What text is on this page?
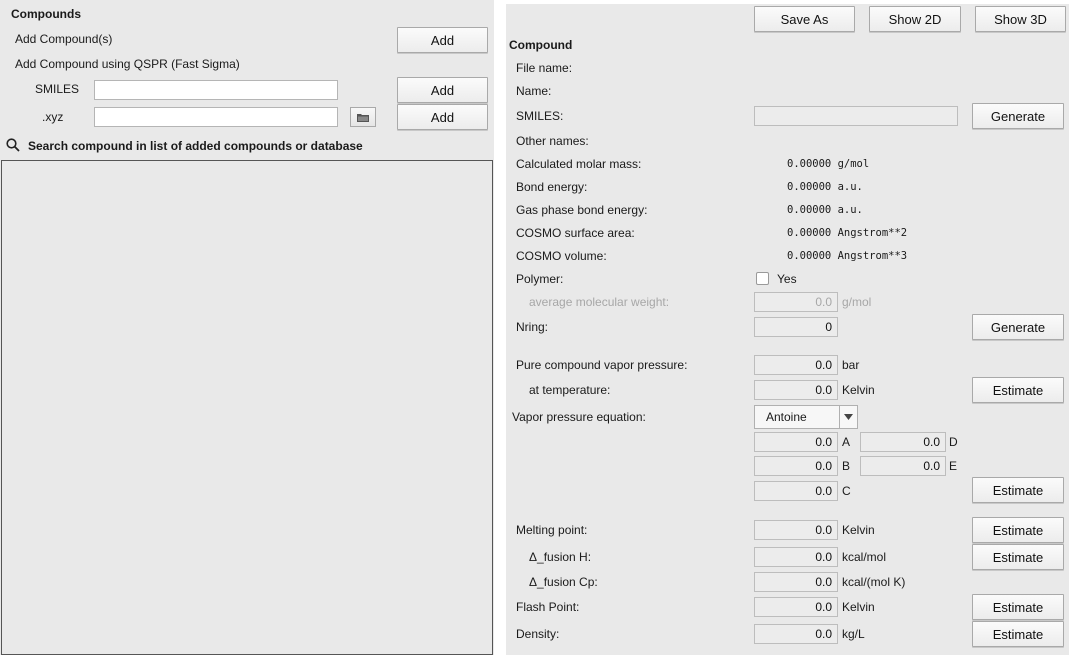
Compounds
Add Compound(s)	Add
Add Compound using QSPR (Fast Sigma)
SMILES	Add
.xyz	Add
Search compound in list of added compounds or database
Save As	Show 2D	Show 3D
Compound
File name:
Name:
SMILES:	Generate
Other names:
Calculated molar mass:	0.00000 g/mol
Bond energy:	0.00000 a.u.
Gas phase bond energy:	0.00000 a.u.
COSMO surface area:	0.00000 Angstrom**2
COSMO volume:	0.00000 Angstrom**3
Polymer:	Yes
average molecular weight:	0.0 g/mol
Nring:	0	Generate
Pure compound vapor pressure:	0.0 bar
at temperature:	0.0 Kelvin	Estimate
Vapor pressure equation:	Antoine
0.0 A	0.0 D
0.0 B	0.0 E
0.0 C	Estimate
Melting point:	0.0 Kelvin	Estimate
Δ_fusion H:	0.0 kcal/mol	Estimate
Δ_fusion Cp:	0.0 kcal/(mol K)
Flash Point:	0.0 Kelvin	Estimate
Density:	0.0 kg/L	Estimate
